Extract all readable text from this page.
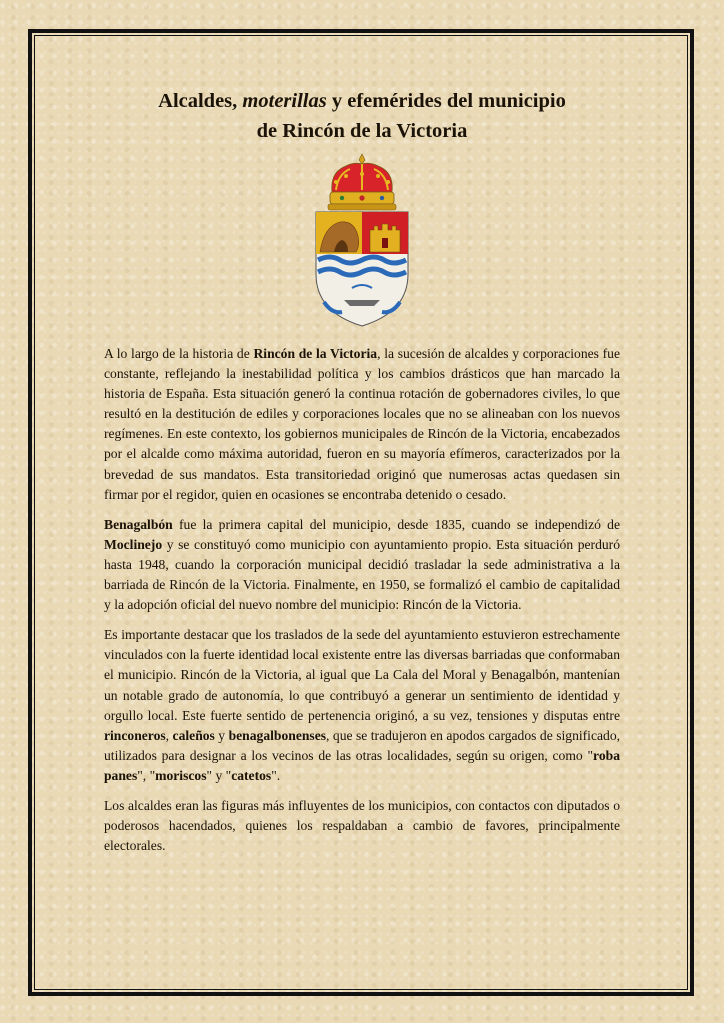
Alcaldes, moterillas y efemérides del municipio
de Rincón de la Victoria

A lo largo de la historia de Rincón de la Victoria, la sucesión de alcaldes y corporaciones fue constante, reflejando la inestabilidad política y los cambios drásticos que han marcado la historia de España. Esta situación generó la continua rotación de gobernadores civiles, lo que resultó en la destitución de ediles y corporaciones locales que no se alineaban con los nuevos regímenes. En este contexto, los gobiernos municipales de Rincón de la Victoria, encabezados por el alcalde como máxima autoridad, fueron en su mayoría efímeros, caracterizados por la brevedad de sus mandatos. Esta transitoriedad originó que numerosas actas quedasen sin firmar por el regidor, quien en ocasiones se encontraba detenido o cesado.

Benagalbón fue la primera capital del municipio, desde 1835, cuando se independizó de Moclinejo y se constituyó como municipio con ayuntamiento propio. Esta situación perduró hasta 1948, cuando la corporación municipal decidió trasladar la sede administrativa a la barriada de Rincón de la Victoria. Finalmente, en 1950, se formalizó el cambio de capitalidad y la adopción oficial del nuevo nombre del municipio: Rincón de la Victoria.

Es importante destacar que los traslados de la sede del ayuntamiento estuvieron estrechamente vinculados con la fuerte identidad local existente entre las diversas barriadas que conformaban el municipio. Rincón de la Victoria, al igual que La Cala del Moral y Benagalbón, mantenían un notable grado de autonomía, lo que contribuyó a generar un sentimiento de identidad y orgullo local. Este fuerte sentido de pertenencia originó, a su vez, tensiones y disputas entre rinconeros, caleños y benagalbonenses, que se tradujeron en apodos cargados de significado, utilizados para designar a los vecinos de las otras localidades, según su origen, como "roba panes", "moriscos" y "catetos".

Los alcaldes eran las figuras más influyentes de los municipios, con contactos con diputados o poderosos hacendados, quienes los respaldaban a cambio de favores, principalmente electorales.
